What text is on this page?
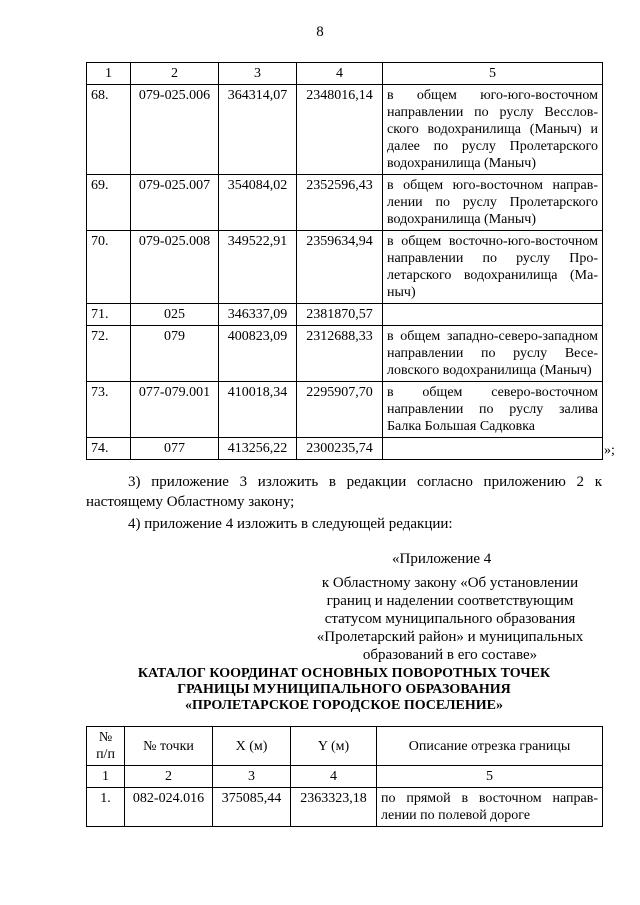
8
1	2	3	4	5
68.	079-025.006	364314,07	2348016,14	в общем юго-юго-восточном направлении по руслу Вессловского водохранилища (Маныч) и далее по руслу Пролетарского водохранилища (Маныч)
69.	079-025.007	354084,02	2352596,43	в общем юго-восточном направлении по руслу Пролетарского водохранилища (Маныч)
70.	079-025.008	349522,91	2359634,94	в общем восточно-юго-восточном направлении по руслу Пролетарского водохранилища (Маныч)
71.	025	346337,09	2381870,57	
72.	079	400823,09	2312688,33	в общем западно-северо-западном направлении по руслу Веселовского водохранилища (Маныч)
73.	077-079.001	410018,34	2295907,70	в общем северо-восточном направлении по руслу залива Балка Большая Садковка
74.	077	413256,22	2300235,74		»;
3) приложение 3 изложить в редакции согласно приложению 2 к настоящему Областному закону;
4) приложение 4 изложить в следующей редакции:
«Приложение 4
к Областному закону «Об установлении границ и наделении соответствующим статусом муниципального образования «Пролетарский район» и муниципальных образований в его составе»
КАТАЛОГ КООРДИНАТ ОСНОВНЫХ ПОВОРОТНЫХ ТОЧЕК
ГРАНИЦЫ МУНИЦИПАЛЬНОГО ОБРАЗОВАНИЯ
«ПРОЛЕТАРСКОЕ ГОРОДСКОЕ ПОСЕЛЕНИЕ»
№
п/п	№ точки	X (м)	Y (м)	Описание отрезка границы
1	2	3	4	5
1.	082-024.016	375085,44	2363323,18	по прямой в восточном направлении по полевой дороге
